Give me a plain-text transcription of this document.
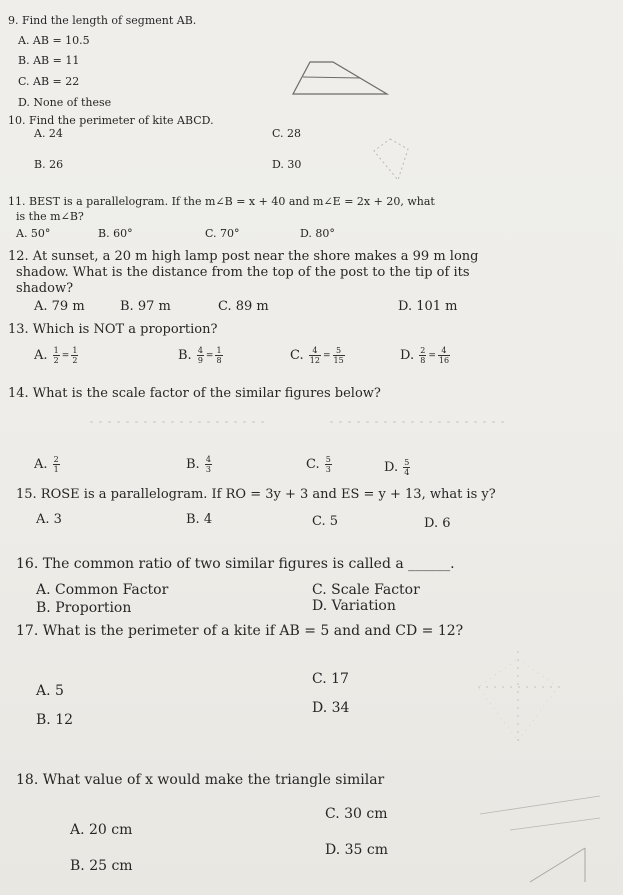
9. Find the length of segment AB.
A. AB = 10.5
B. AB = 11
C. AB = 22
D. None of these
10. Find the perimeter of kite ABCD.
A. 24	C. 28
B. 26	D. 30
11. BEST is a parallelogram. If the m∠B = x + 40 and m∠E = 2x + 20, what
is the m∠B?
A. 50°	B. 60°	C. 70°	D. 80°
12. At sunset, a 20 m high lamp post near the shore makes a 99 m long
shadow. What is the distance from the top of the post to the tip of its
shadow?
A. 79 m	B. 97 m	C. 89 m	D. 101 m
13. Which is NOT a proportion?
A. $\frac{1}{2} = \frac{1}{2}$	B. $\frac{4}{9} = \frac{1}{8}$	C. $\frac{4}{12} = \frac{5}{15}$	D. $\frac{2}{8} = \frac{4}{16}$
14. What is the scale factor of the similar figures below?
A. $\frac{2}{1}$	B. $\frac{4}{3}$	C. $\frac{5}{3}$	D. $\frac{5}{4}$
15. ROSE is a parallelogram. If RO = 3y + 3 and ES = y + 13, what is y?
A. 3	B. 4	C. 5	D. 6
16. The common ratio of two similar figures is called a ______.
A. Common Factor	C. Scale Factor
B. Proportion	D. Variation
17. What is the perimeter of a kite if AB = 5 and and CD = 12?
A. 5
C. 17
B. 12
D. 34
18. What value of x would make the triangle similar
A. 20 cm
C. 30 cm
B. 25 cm
D. 35 cm
